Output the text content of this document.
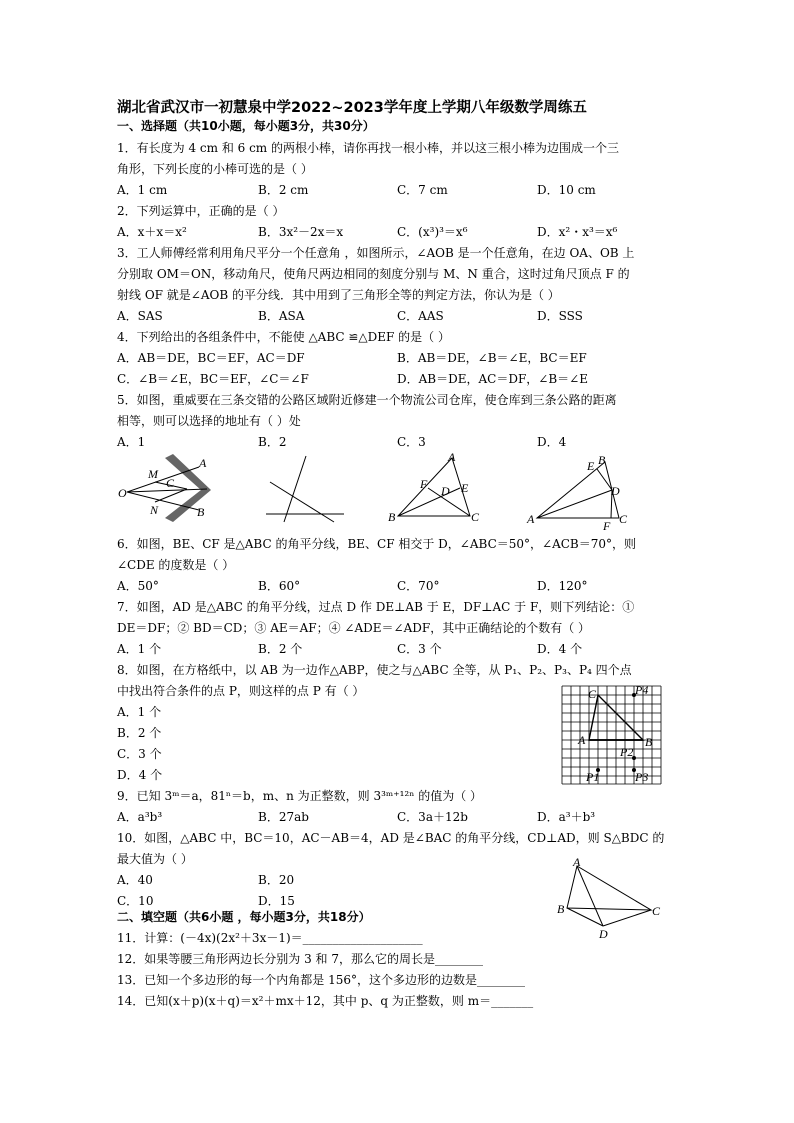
湖北省武汉市一初慧泉中学2022~2023学年度上学期八年级数学周练五
一、选择题（共10小题，每小题3分，共30分）
1．有长度为 4 cm 和 6 cm 的两根小棒，请你再找一根小棒，并以这三根小棒为边围成一个三
角形，下列长度的小棒可选的是（ ）
A．1 cm	B．2 cm	C．7 cm	D．10 cm
2．下列运算中，正确的是（ ）
A．x＋x＝x²	B．3x²－2x＝x	C．(x³)³＝x⁶	D．x²・x³＝x⁶
3．工人师傅经常利用角尺平分一个任意角 ，如图所示，∠AOB 是一个任意角，在边 OA、OB 上
分别取 OM＝ON，移动角尺，使角尺两边相同的刻度分别与 M、N 重合，这时过角尺顶点 F 的
射线 OF 就是∠AOB 的平分线．其中用到了三角形全等的判定方法，你认为是（ ）
A．SAS	B．ASA	C．AAS	D．SSS
4．下列给出的各组条件中，不能使 △ABC ≌△DEF 的是（ ）
A．AB＝DE，BC＝EF，AC＝DF	B．AB＝DE，∠B＝∠E，BC＝EF
C．∠B＝∠E，BC＝EF，∠C＝∠F	D．AB＝DE，AC＝DF，∠B＝∠E
5．如图，重威要在三条交错的公路区域附近修建一个物流公司仓库，使仓库到三条公路的距离
相等，则可以选择的地址有（ ）处
A．1	B．2	C．3	D．4
M
A
C
O
N	B
A
F D E
B	C
E B
D
A	F C
6．如图，BE、CF 是△ABC 的角平分线，BE、CF 相交于 D，∠ABC＝50°，∠ACB＝70°，则
∠CDE 的度数是（ ）
A．50°	B．60°	C．70°	D．120°
7．如图，AD 是△ABC 的角平分线，过点 D 作 DE⊥AB 于 E，DF⊥AC 于 F，则下列结论：①
DE＝DF；② BD＝CD；③ AE＝AF；④ ∠ADE＝∠ADF，其中正确结论的个数有（ ）
A．1 个	B．2 个	C．3 个	D．4 个
8．如图，在方格纸中，以 AB 为一边作△ABP，使之与△ABC 全等，从 P₁、P₂、P₃、P₄ 四个点
中找出符合条件的点 P，则这样的点 P 有（ ）
A．1 个
B．2 个
C．3 个
D．4 个
C	P4
A	B
P2
P1	P3
9．已知 3ᵐ＝a，81ⁿ＝b，m、n 为正整数，则 3³ᵐ⁺¹²ⁿ 的值为（ ）
A．a³b³	B．27ab	C．3a＋12b	D．a³＋b³
10．如图，△ABC 中，BC＝10，AC－AB＝4，AD 是∠BAC 的角平分线，CD⊥AD，则 S△BDC 的
最大值为（ ）
A．40	B．20
C．10	D．15
A
B	C
D
二、填空题（共6小题 ，每小题3分，共18分）
11．计算：(－4x)(2x²＋3x－1)＝____________________
12．如果等腰三角形两边长分别为 3 和 7，那么它的周长是________
13．已知一个多边形的每一个内角都是 156°，这个多边形的边数是________
14．已知(x＋p)(x＋q)＝x²＋mx＋12，其中 p、q 为正整数，则 m＝_______
